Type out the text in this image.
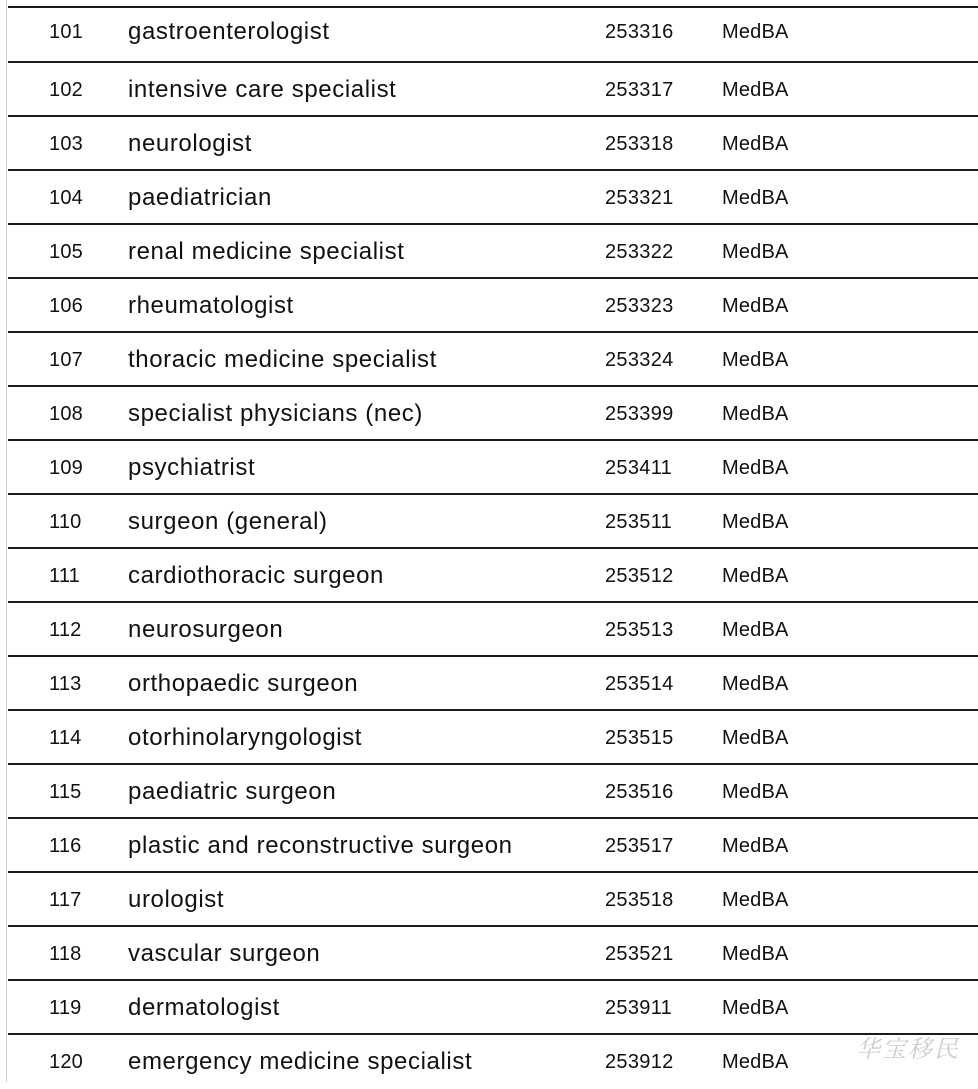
101 gastroenterologist	253316 MedBA
102 intensive care specialist	253317 MedBA
103 neurologist	253318 MedBA
104 paediatrician	253321 MedBA
105 renal medicine specialist	253322 MedBA
106 rheumatologist	253323 MedBA
107 thoracic medicine specialist	253324 MedBA
108 specialist physicians (nec)	253399 MedBA
109 psychiatrist	253411 MedBA
110 surgeon (general)	253511 MedBA
111 cardiothoracic surgeon	253512 MedBA
112 neurosurgeon	253513 MedBA
113 orthopaedic surgeon	253514 MedBA
114 otorhinolaryngologist	253515 MedBA
115 paediatric surgeon	253516 MedBA
116 plastic and reconstructive surgeon	253517 MedBA
117 urologist	253518 MedBA
118 vascular surgeon	253521 MedBA
119 dermatologist	253911 MedBA
120 emergency medicine specialist	253912 MedBA	华宝移民
